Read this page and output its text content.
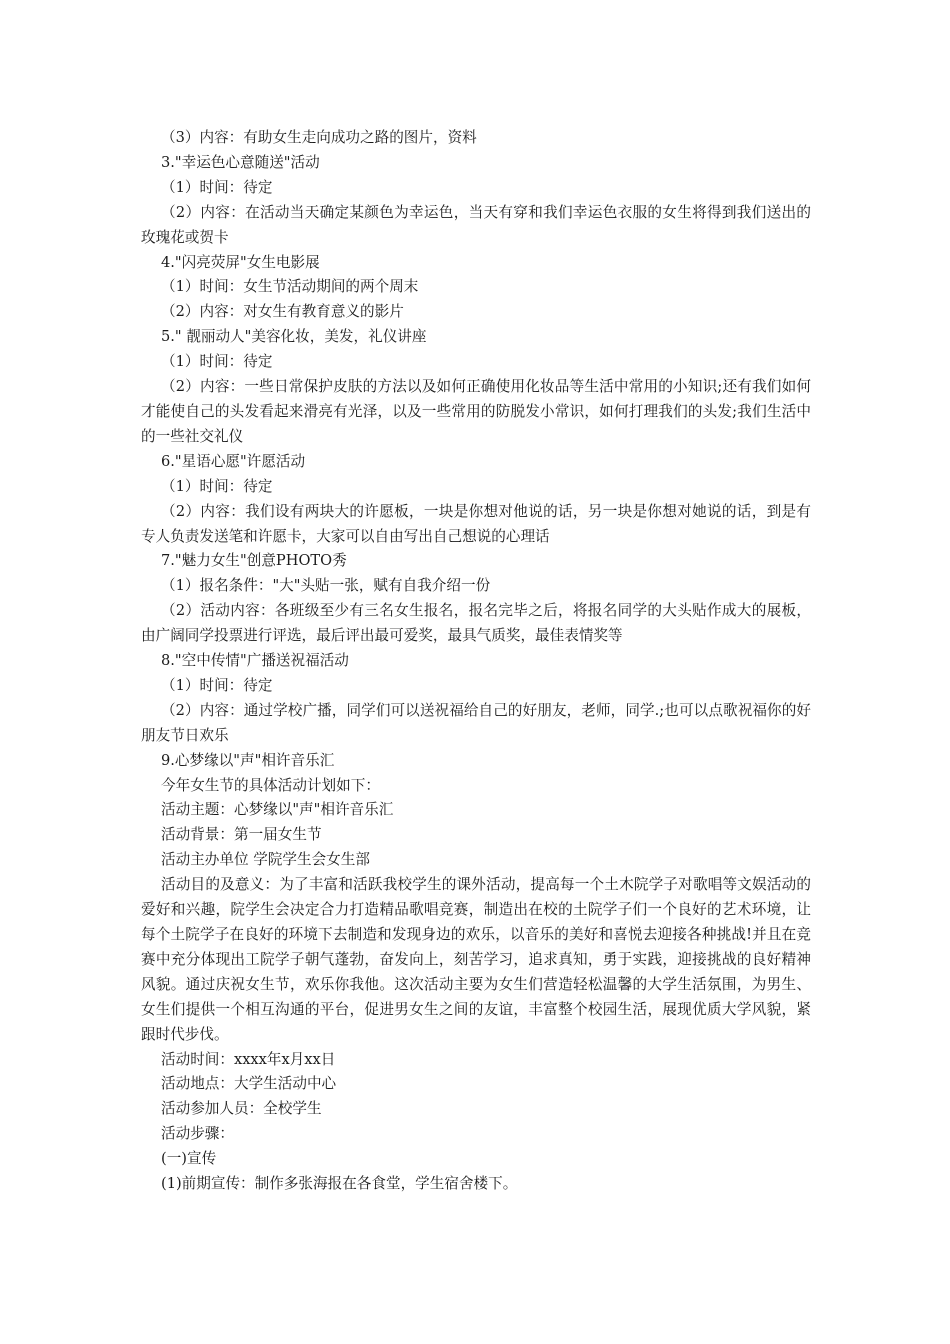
（3）内容：有助女生走向成功之路的图片，资料

3."幸运色心意随送"活动

（1）时间：待定

（2）内容：在活动当天确定某颜色为幸运色，当天有穿和我们幸运色衣服的女生将得到我们送出的玫瑰花或贺卡

4."闪亮荧屏"女生电影展

（1）时间：女生节活动期间的两个周末

（2）内容：对女生有教育意义的影片

5." 靓丽动人"美容化妆，美发，礼仪讲座

（1）时间：待定

（2）内容：一些日常保护皮肤的方法以及如何正确使用化妆品等生活中常用的小知识;还有我们如何才能使自己的头发看起来滑亮有光泽，以及一些常用的防脱发小常识，如何打理我们的头发;我们生活中的一些社交礼仪

6."星语心愿"许愿活动

（1）时间：待定

（2）内容：我们设有两块大的许愿板，一块是你想对他说的话，另一块是你想对她说的话，到是有专人负责发送笔和许愿卡，大家可以自由写出自己想说的心理话

7."魅力女生"创意PHOTO秀

（1）报名条件："大"头贴一张，赋有自我介绍一份

（2）活动内容：各班级至少有三名女生报名，报名完毕之后，将报名同学的大头贴作成大的展板，由广阔同学投票进行评选，最后评出最可爱奖，最具气质奖，最佳表情奖等

8."空中传情"广播送祝福活动

（1）时间：待定

（2）内容：通过学校广播，同学们可以送祝福给自己的好朋友，老师，同学.;也可以点歌祝福你的好朋友节日欢乐

9.心梦缘以"声"相许音乐汇

今年女生节的具体活动计划如下：

活动主题：心梦缘以"声"相许音乐汇

活动背景：第一届女生节

活动主办单位 学院学生会女生部

活动目的及意义：为了丰富和活跃我校学生的课外活动，提高每一个土木院学子对歌唱等文娱活动的爱好和兴趣，院学生会决定合力打造精品歌唱竞赛，制造出在校的土院学子们一个良好的艺术环境，让每个土院学子在良好的环境下去制造和发现身边的欢乐，以音乐的美好和喜悦去迎接各种挑战!并且在竞赛中充分体现出工院学子朝气蓬勃，奋发向上，刻苦学习，追求真知，勇于实践，迎接挑战的良好精神风貌。通过庆祝女生节，欢乐你我他。这次活动主要为女生们营造轻松温馨的大学生活氛围，为男生、女生们提供一个相互沟通的平台，促进男女生之间的友谊，丰富整个校园生活，展现优质大学风貌，紧跟时代步伐。

活动时间：xxxx年x月xx日

活动地点：大学生活动中心

活动参加人员：全校学生

活动步骤：

(一)宣传

(1)前期宣传：制作多张海报在各食堂，学生宿舍楼下。
